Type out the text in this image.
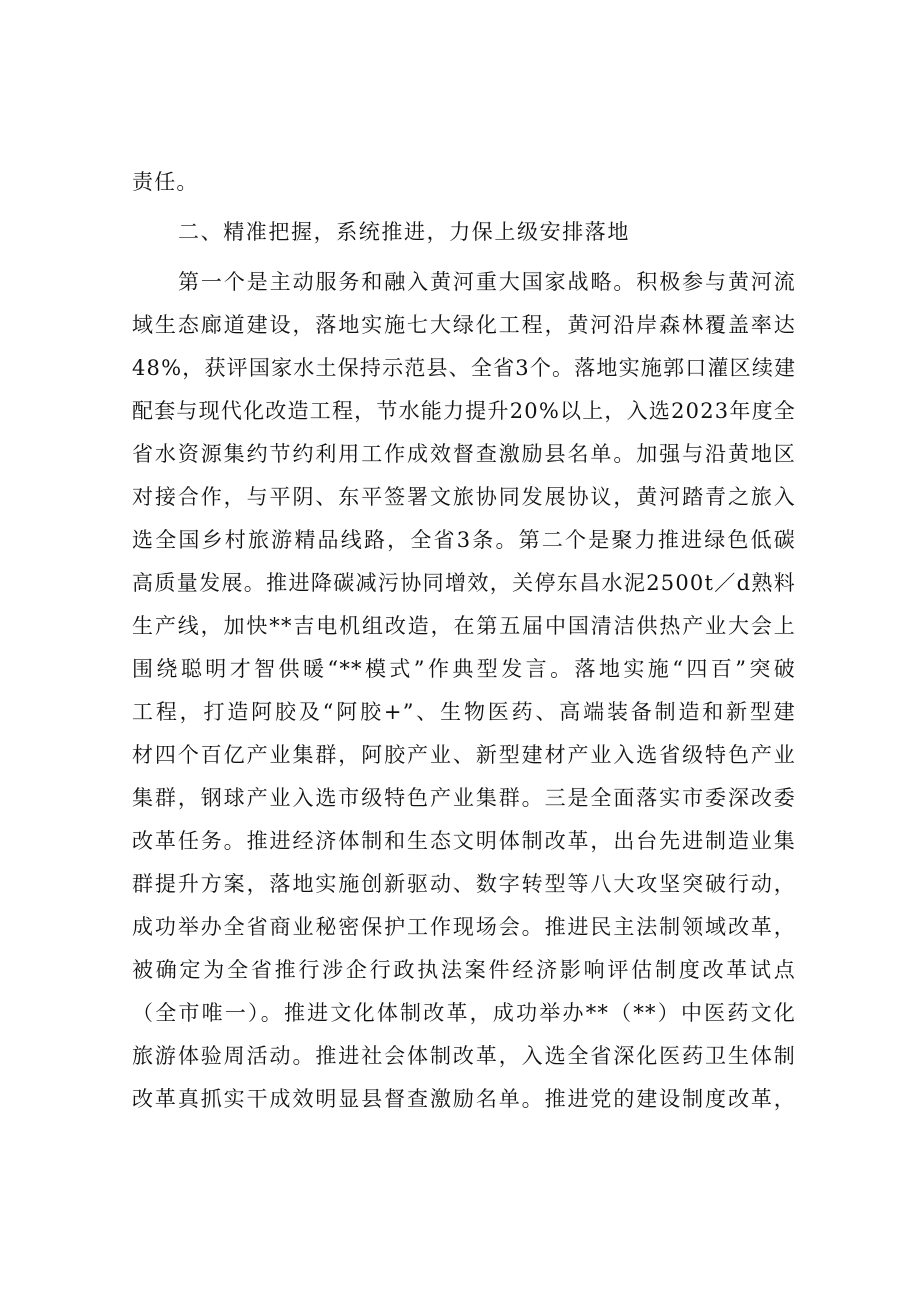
责任。
二、精准把握，系统推进，力保上级安排落地
第一个是主动服务和融入黄河重大国家战略。积极参与黄河流
域生态廊道建设，落地实施七大绿化工程，黄河沿岸森林覆盖率达
48%，获评国家水土保持示范县、全省3个。落地实施郭口灌区续建
配套与现代化改造工程，节水能力提升20%以上，入选2023年度全
省水资源集约节约利用工作成效督查激励县名单。加强与沿黄地区
对接合作，与平阴、东平签署文旅协同发展协议，黄河踏青之旅入
选全国乡村旅游精品线路，全省3条。第二个是聚力推进绿色低碳
高质量发展。推进降碳减污协同增效，关停东昌水泥2500t／d熟料
生产线，加快**吉电机组改造，在第五届中国清洁供热产业大会上
围绕聪明才智供暖“**模式”作典型发言。落地实施“四百”突破
工程，打造阿胶及“阿胶+”、生物医药、高端装备制造和新型建
材四个百亿产业集群，阿胶产业、新型建材产业入选省级特色产业
集群，钢球产业入选市级特色产业集群。三是全面落实市委深改委
改革任务。推进经济体制和生态文明体制改革，出台先进制造业集
群提升方案，落地实施创新驱动、数字转型等八大攻坚突破行动，
成功举办全省商业秘密保护工作现场会。推进民主法制领域改革，
被确定为全省推行涉企行政执法案件经济影响评估制度改革试点
（全市唯一）。推进文化体制改革，成功举办**（**）中医药文化
旅游体验周活动。推进社会体制改革，入选全省深化医药卫生体制
改革真抓实干成效明显县督查激励名单。推进党的建设制度改革，
